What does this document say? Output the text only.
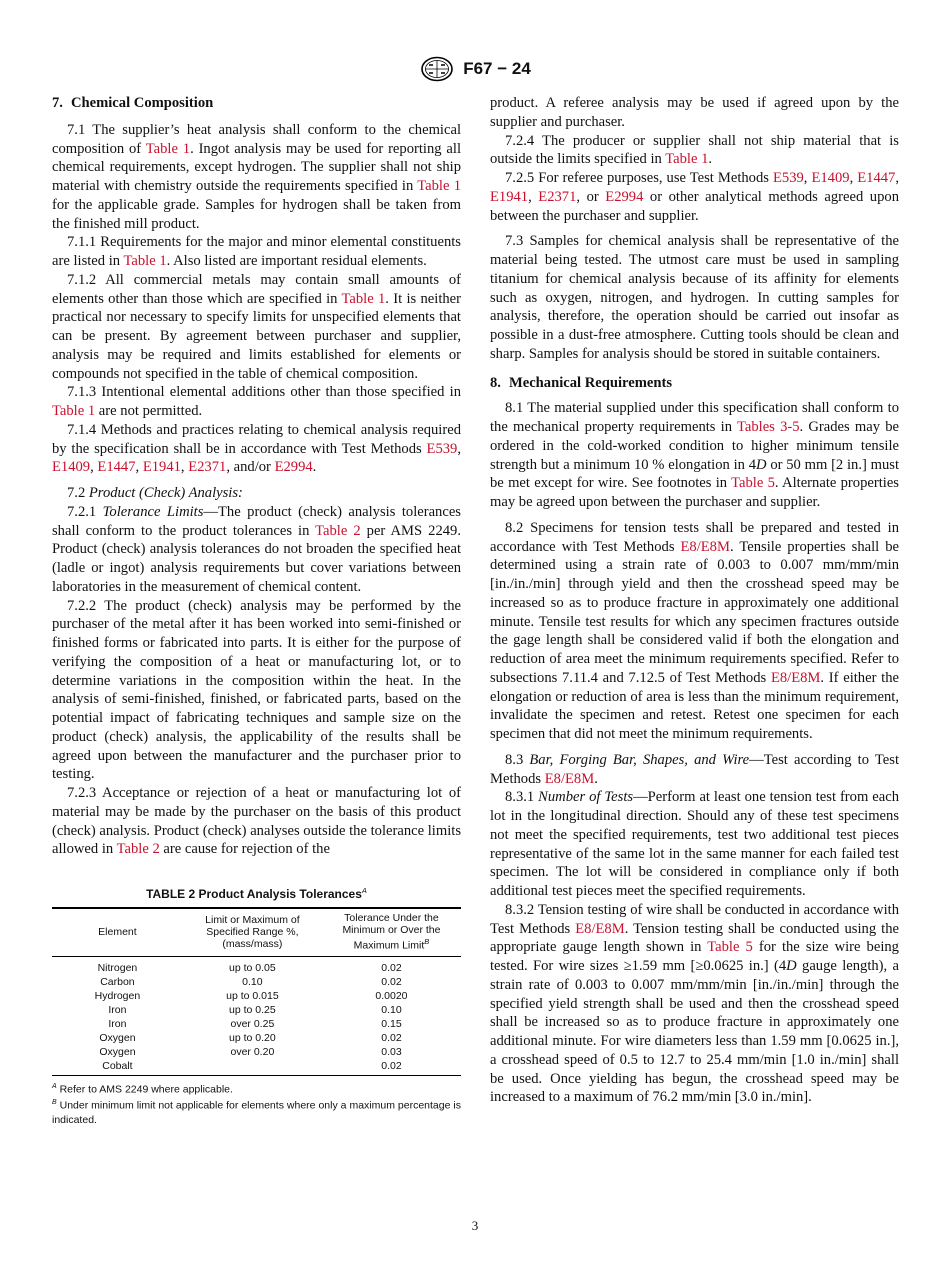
F67 − 24
7. Chemical Composition

7.1 The supplier’s heat analysis shall conform to the chemical composition of Table 1. Ingot analysis may be used for reporting all chemical requirements, except hydrogen. The supplier shall not ship material with chemistry outside the requirements specified in Table 1 for the applicable grade. Samples for hydrogen shall be taken from the finished mill product.

7.1.1 Requirements for the major and minor elemental constituents are listed in Table 1. Also listed are important residual elements.

7.1.2 All commercial metals may contain small amounts of elements other than those which are specified in Table 1. It is neither practical nor necessary to specify limits for unspecified elements that can be present. By agreement between purchaser and supplier, analysis may be required and limits established for elements or compounds not specified in the table of chemical composition.

7.1.3 Intentional elemental additions other than those specified in Table 1 are not permitted.

7.1.4 Methods and practices relating to chemical analysis required by the specification shall be in accordance with Test Methods E539, E1409, E1447, E1941, E2371, and/or E2994.

7.2 Product (Check) Analysis:

7.2.1 Tolerance Limits—The product (check) analysis tolerances shall conform to the product tolerances in Table 2 per AMS 2249. Product (check) analysis tolerances do not broaden the specified heat (ladle or ingot) analysis requirements but cover variations between laboratories in the measurement of chemical content.

7.2.2 The product (check) analysis may be performed by the purchaser of the metal after it has been worked into semi-finished or finished forms or fabricated into parts. It is either for the purpose of verifying the composition of a heat or manufacturing lot, or to determine variations in the composition within the heat. In the analysis of semi-finished, finished, or fabricated parts, based on the potential impact of fabricating techniques and sample size on the product (check) analysis, the applicability of the results shall be agreed upon between the manufacturer and the purchaser prior to testing.

7.2.3 Acceptance or rejection of a heat or manufacturing lot of material may be made by the purchaser on the basis of this product (check) analysis. Product (check) analyses outside the tolerance limits allowed in Table 2 are cause for rejection of the

TABLE 2 Product Analysis Tolerances$^A$
Element	Limit or Maximum of Specified Range %, (mass/mass)	Tolerance Under the Minimum or Over the Maximum Limit$^B$
Nitrogen	up to 0.05	0.02
Carbon	0.10	0.02
Hydrogen	up to 0.015	0.0020
Iron	up to 0.25	0.10
Iron	over 0.25	0.15
Oxygen	up to 0.20	0.02
Oxygen	over 0.20	0.03
Cobalt		0.02
$^A$ Refer to AMS 2249 where applicable.
$^B$ Under minimum limit not applicable for elements where only a maximum percentage is indicated.

product. A referee analysis may be used if agreed upon by the supplier and purchaser.

7.2.4 The producer or supplier shall not ship material that is outside the limits specified in Table 1.

7.2.5 For referee purposes, use Test Methods E539, E1409, E1447, E1941, E2371, or E2994 or other analytical methods agreed upon between the purchaser and supplier.

7.3 Samples for chemical analysis shall be representative of the material being tested. The utmost care must be used in sampling titanium for chemical analysis because of its affinity for elements such as oxygen, nitrogen, and hydrogen. In cutting samples for analysis, therefore, the operation should be carried out insofar as possible in a dust-free atmosphere. Cutting tools should be clean and sharp. Samples for analysis should be stored in suitable containers.

8. Mechanical Requirements

8.1 The material supplied under this specification shall conform to the mechanical property requirements in Tables 3-5. Grades may be ordered in the cold-worked condition to higher minimum tensile strength but a minimum 10 % elongation in 4D or 50 mm [2 in.] must be met except for wire. See footnotes in Table 5. Alternate properties may be agreed upon between the purchaser and supplier.

8.2 Specimens for tension tests shall be prepared and tested in accordance with Test Methods E8/E8M. Tensile properties shall be determined using a strain rate of 0.003 to 0.007 mm/mm/min [in./in./min] through yield and then the crosshead speed may be increased so as to produce fracture in approximately one additional minute. Tensile test results for which any specimen fractures outside the gage length shall be considered valid if both the elongation and reduction of area meet the minimum requirements specified. Refer to subsections 7.11.4 and 7.12.5 of Test Methods E8/E8M. If either the elongation or reduction of area is less than the minimum requirement, invalidate the specimen and retest. Retest one specimen for each specimen that did not meet the minimum requirements.

8.3 Bar, Forging Bar, Shapes, and Wire—Test according to Test Methods E8/E8M.

8.3.1 Number of Tests—Perform at least one tension test from each lot in the longitudinal direction. Should any of these test specimens not meet the specified requirements, test two additional test pieces representative of the same lot in the same manner for each failed test specimen. The lot will be considered in compliance only if both additional test pieces meet the specified requirements.

8.3.2 Tension testing of wire shall be conducted in accordance with Test Methods E8/E8M. Tension testing shall be conducted using the appropriate gauge length shown in Table 5 for the size wire being tested. For wire sizes ≥1.59 mm [≥0.0625 in.] (4D gauge length), a strain rate of 0.003 to 0.007 mm/mm/min [in./in./min] through the specified yield strength shall be used and then the crosshead speed shall be increased so as to produce fracture in approximately one additional minute. For wire diameters less than 1.59 mm [0.0625 in.], a crosshead speed of 0.5 to 12.7 to 25.4 mm/min [1.0 in./min] shall be used. Once yielding has begun, the crosshead speed may be increased to a maximum of 76.2 mm/min [3.0 in./min].

3
